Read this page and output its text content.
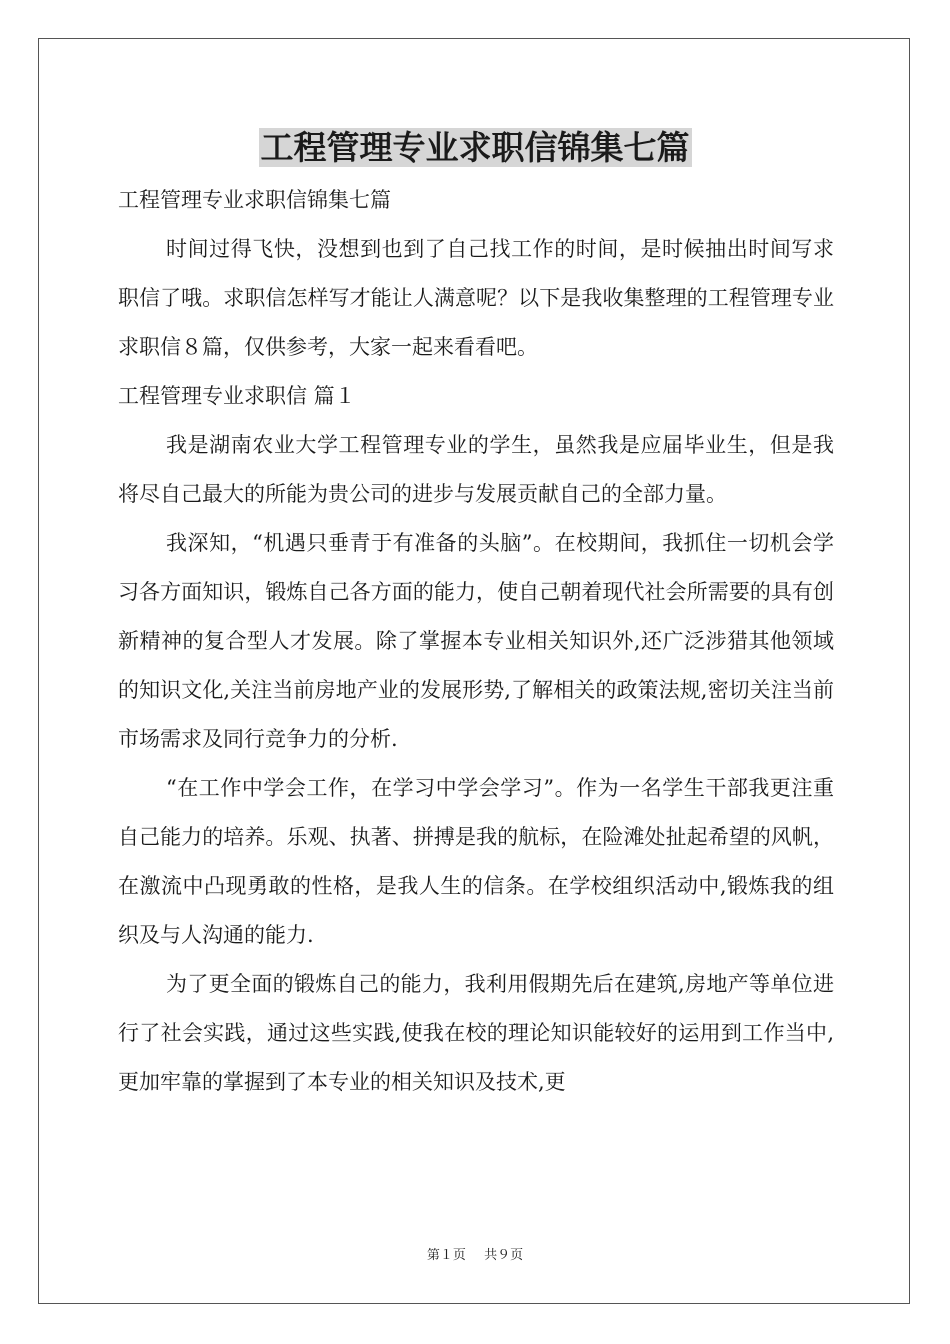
工程管理专业求职信锦集七篇

工程管理专业求职信锦集七篇

时间过得飞快，没想到也到了自己找工作的时间，是时候抽出时间写求职信了哦。求职信怎样写才能让人满意呢？以下是我收集整理的工程管理专业求职信８篇，仅供参考，大家一起来看看吧。

工程管理专业求职信 篇１

我是湖南农业大学工程管理专业的学生，虽然我是应届毕业生，但是我将尽自己最大的所能为贵公司的进步与发展贡献自己的全部力量。

我深知，“机遇只垂青于有准备的头脑”。在校期间，我抓住一切机会学习各方面知识，锻炼自己各方面的能力，使自己朝着现代社会所需要的具有创新精神的复合型人才发展。除了掌握本专业相关知识外,还广泛涉猎其他领域的知识文化,关注当前房地产业的发展形势,了解相关的政策法规,密切关注当前市场需求及同行竞争力的分析.

“在工作中学会工作，在学习中学会学习”。作为一名学生干部我更注重自己能力的培养。乐观、执著、拼搏是我的航标，在险滩处扯起希望的风帆，在激流中凸现勇敢的性格，是我人生的信条。在学校组织活动中,锻炼我的组织及与人沟通的能力.

为了更全面的锻炼自己的能力，我利用假期先后在建筑,房地产等单位进行了社会实践，通过这些实践,使我在校的理论知识能较好的运用到工作当中,更加牢靠的掌握到了本专业的相关知识及技术,更

第１页 共９页
